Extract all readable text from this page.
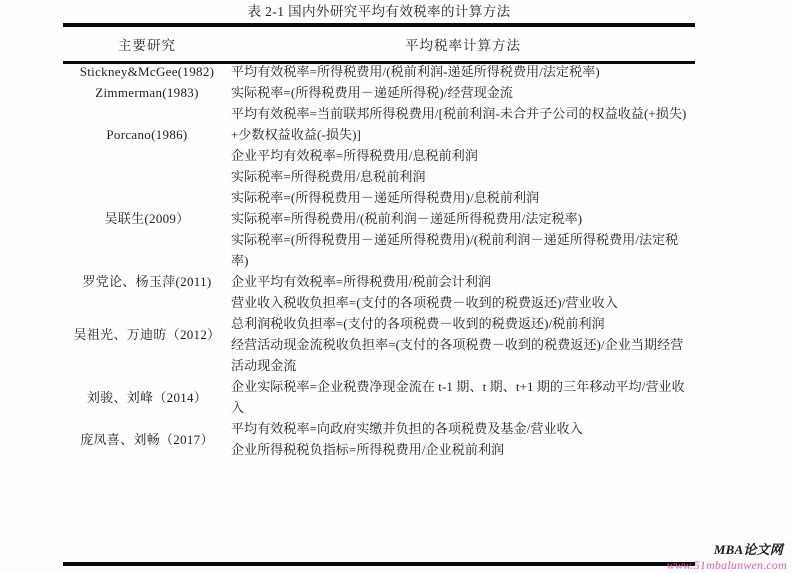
表 2-1 国内外研究平均有效税率的计算方法
主要研究	平均税率计算方法
Stickney&McGee(1982)	平均有效税率=所得税费用/(税前利润-递延所得税费用/法定税率)
Zimmerman(1983)	实际税率=(所得税费用－递延所得税)/经营现金流
Porcano(1986)	平均有效税率=当前联邦所得税费用/[税前利润-未合并子公司的权益收益(+损失)+少数权益收益(-损失)]
	企业平均有效税率=所得税费用/息税前利润
吴联生(2009）	实际税率=所得税费用/息税前利润
	实际税率=(所得税费用－递延所得税费用)/息税前利润
	实际税率=所得税费用/(税前利润－递延所得税费用/法定税率)
	实际税率=(所得税费用－递延所得税费用)/(税前利润－递延所得税费用/法定税率)
罗党论、杨玉萍(2011)	企业平均有效税率=所得税费用/税前会计利润
吴祖光、万迪昉（2012）	营业收入税收负担率=(支付的各项税费－收到的税费返还)/营业收入
	总利润税收负担率=(支付的各项税费－收到的税费返还)/税前利润
	经营活动现金流税收负担率=(支付的各项税费－收到的税费返还)/企业当期经营活动现金流
刘骏、刘峰（2014）	企业实际税率=企业税费净现金流在 t-1 期、t 期、t+1 期的三年移动平均/营业收入
庞凤喜、刘畅（2017）	平均有效税率=向政府实缴并负担的各项税费及基金/营业收入
	企业所得税税负指标=所得税费用/企业税前利润
MBA论文网
www.51mbalunwen.com
